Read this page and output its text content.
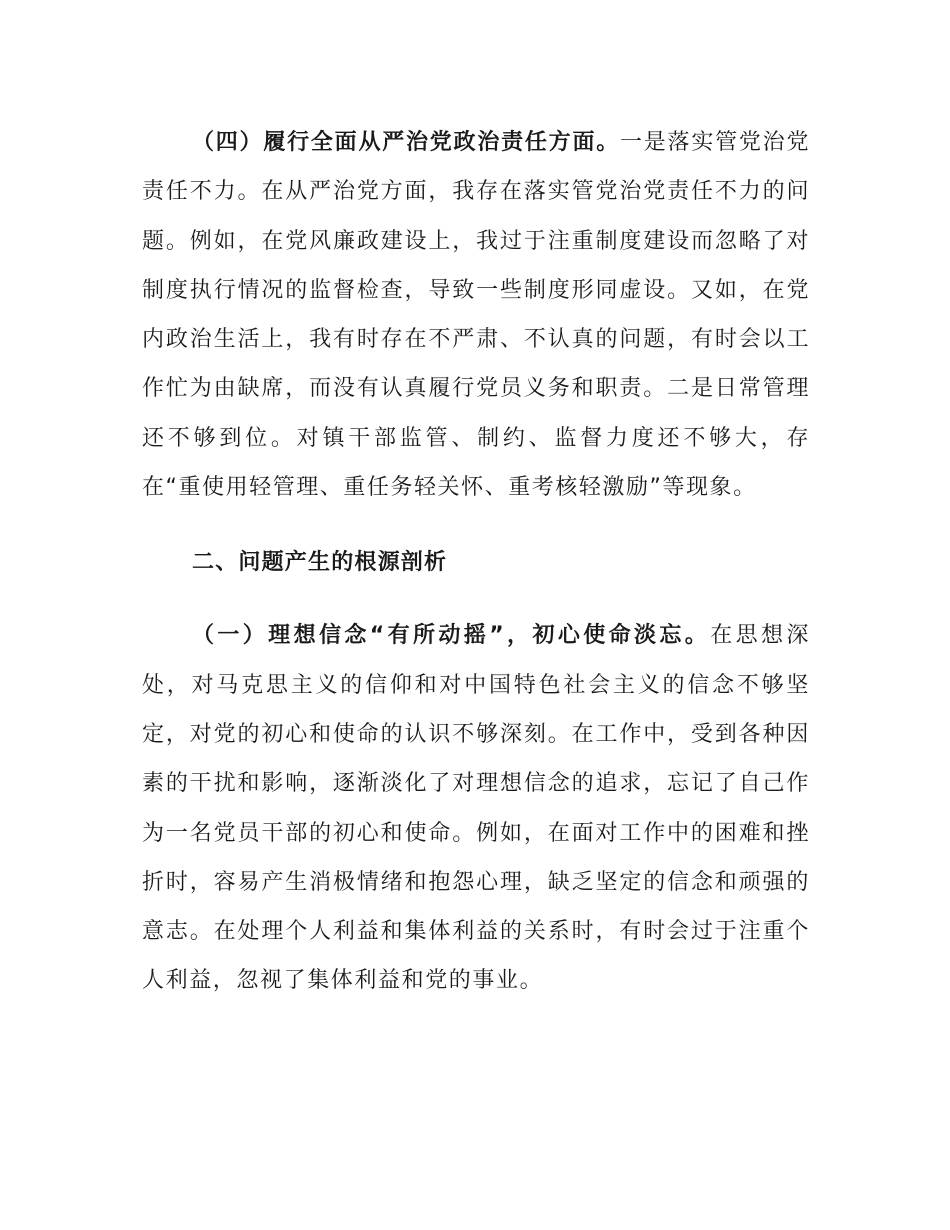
（四）履行全面从严治党政治责任方面。一是落实管党治党责任不力。在从严治党方面，我存在落实管党治党责任不力的问题。例如，在党风廉政建设上，我过于注重制度建设而忽略了对制度执行情况的监督检查，导致一些制度形同虚设。又如，在党内政治生活上，我有时存在不严肃、不认真的问题，有时会以工作忙为由缺席，而没有认真履行党员义务和职责。二是日常管理还不够到位。对镇干部监管、制约、监督力度还不够大，存在“重使用轻管理、重任务轻关怀、重考核轻激励”等现象。

二、问题产生的根源剖析

（一）理想信念“有所动摇”，初心使命淡忘。在思想深处，对马克思主义的信仰和对中国特色社会主义的信念不够坚定，对党的初心和使命的认识不够深刻。在工作中，受到各种因素的干扰和影响，逐渐淡化了对理想信念的追求，忘记了自己作为一名党员干部的初心和使命。例如，在面对工作中的困难和挫折时，容易产生消极情绪和抱怨心理，缺乏坚定的信念和顽强的意志。在处理个人利益和集体利益的关系时，有时会过于注重个人利益，忽视了集体利益和党的事业。
